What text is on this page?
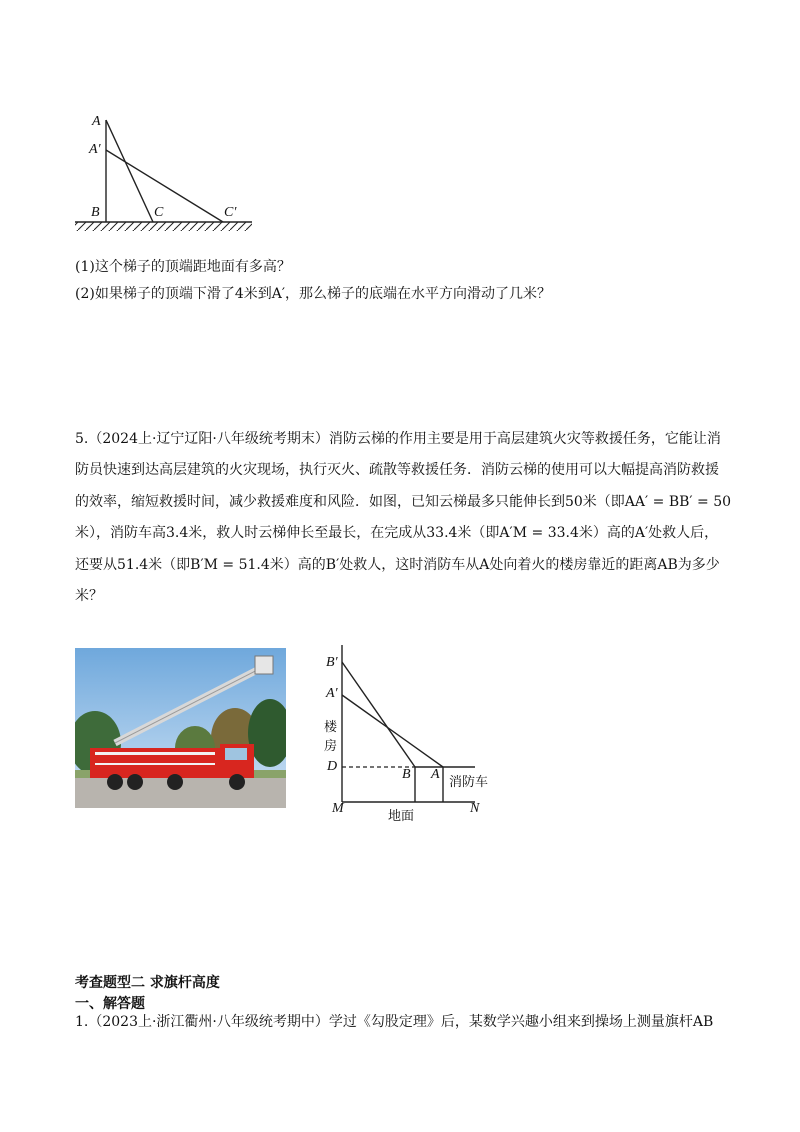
A
A′
B	C	C′
(1)这个梯子的顶端距地面有多高？
(2)如果梯子的顶端下滑了4米到A′，那么梯子的底端在水平方向滑动了几米？
5.（2024上·辽宁辽阳·八年级统考期末）消防云梯的作用主要是用于高层建筑火灾等救援任务，它能让消
防员快速到达高层建筑的火灾现场，执行灭火、疏散等救援任务．消防云梯的使用可以大幅提高消防救援
的效率，缩短救援时间，减少救援难度和风险．如图，已知云梯最多只能伸长到50米（即AA′ = BB′ = 50
米），消防车高3.4米，救人时云梯伸长至最长，在完成从33.4米（即A′M = 33.4米）高的A′处救人后，
还要从51.4米（即B′M = 51.4米）高的B′处救人，这时消防车从A处向着火的楼房靠近的距离AB为多少
米？
B′
A′
楼房
D
B A
消防车
M
地面
N
考查题型二 求旗杆高度
一、解答题
1.（2023上·浙江衢州·八年级统考期中）学过《勾股定理》后，某数学兴趣小组来到操场上测量旗杆AB
